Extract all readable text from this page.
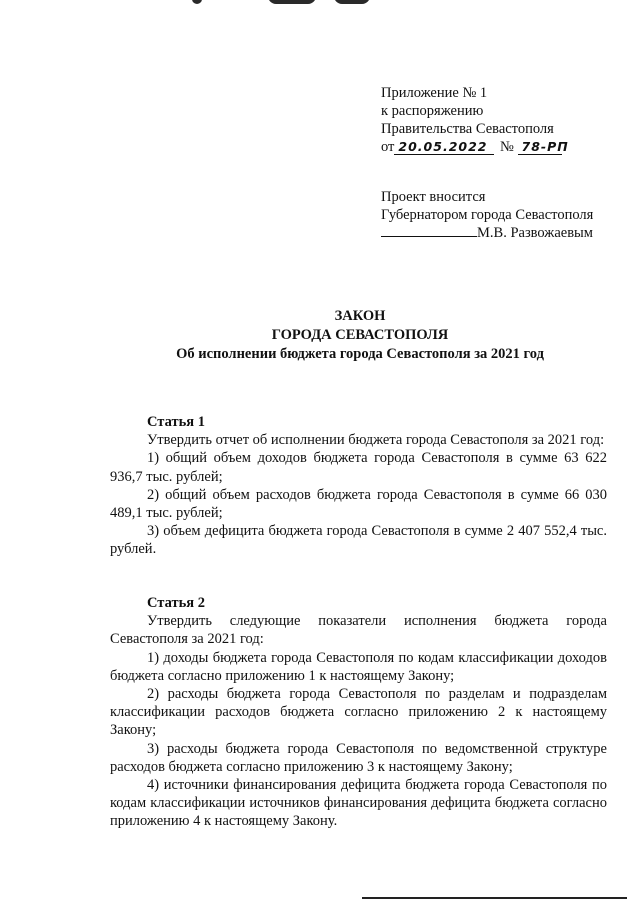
Приложение № 1
к распоряжению
Правительства Севастополя
от 20.05.2022 № 78-РП
Проект вносится
Губернатором города Севастополя
М.В. Развожаевым
ЗАКОН
ГОРОДА СЕВАСТОПОЛЯ
Об исполнении бюджета города Севастополя за 2021 год
Статья 1

Утвердить отчет об исполнении бюджета города Севастополя за 2021 год:

1) общий объем доходов бюджета города Севастополя в сумме 63 622 936,7 тыс. рублей;

2) общий объем расходов бюджета города Севастополя в сумме 66 030 489,1 тыс. рублей;

3) объем дефицита бюджета города Севастополя в сумме 2 407 552,4 тыс. рублей.

Статья 2

Утвердить следующие показатели исполнения бюджета города Севастополя за 2021 год:

1) доходы бюджета города Севастополя по кодам классификации доходов бюджета согласно приложению 1 к настоящему Закону;

2) расходы бюджета города Севастополя по разделам и подразделам классификации расходов бюджета согласно приложению 2 к настоящему Закону;

3) расходы бюджета города Севастополя по ведомственной структуре расходов бюджета согласно приложению 3 к настоящему Закону;

4) источники финансирования дефицита бюджета города Севастополя по кодам классификации источников финансирования дефицита бюджета согласно приложению 4 к настоящему Закону.
